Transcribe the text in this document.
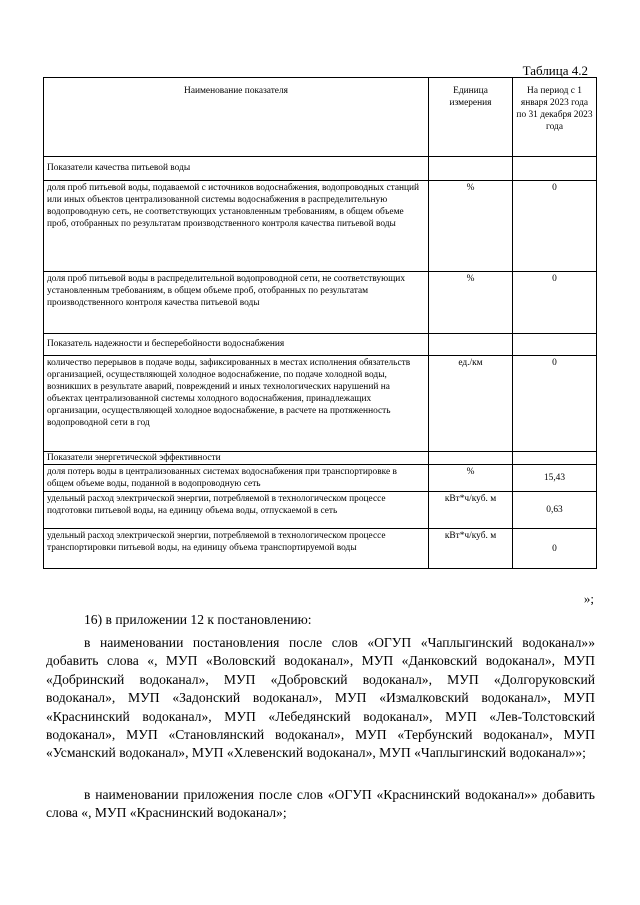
Таблица 4.2
Наименование показателя	Единица измерения	На период с 1 января 2023 года по 31 декабря 2023 года
Показатели качества питьевой воды		
доля проб питьевой воды, подаваемой с источников водоснабжения, водопроводных станций или иных объектов централизованной системы водоснабжения в распределительную водопроводную сеть, не соответствующих установленным требованиям, в общем объеме проб, отобранных по результатам производственного контроля качества питьевой воды	%	0
доля проб питьевой воды в распределительной водопроводной сети, не соответствующих установленным требованиям, в общем объеме проб, отобранных по результатам производственного контроля качества питьевой воды	%	0
Показатель надежности и бесперебойности водоснабжения		
количество перерывов в подаче воды, зафиксированных в местах исполнения обязательств организацией, осуществляющей холодное водоснабжение, по подаче холодной воды, возникших в результате аварий, повреждений и иных технологических нарушений на объектах централизованной системы холодного водоснабжения, принадлежащих организации, осуществляющей холодное водоснабжение, в расчете на протяженность водопроводной сети в год	ед./км	0
Показатели энергетической эффективности		
доля потерь воды в централизованных системах водоснабжения при транспортировке в общем объеме воды, поданной в водопроводную сеть	%	15,43
удельный расход электрической энергии, потребляемой в технологическом процессе подготовки питьевой воды, на единицу объема воды, отпускаемой в сеть	кВт*ч/куб. м	0,63
удельный расход электрической энергии, потребляемой в технологическом процессе транспортировки питьевой воды, на единицу объема транспортируемой воды	кВт*ч/куб. м	0
»;

16) в приложении 12 к постановлению:

в наименовании постановления после слов «ОГУП «Чаплыгинский водоканал»» добавить слова «, МУП «Воловский водоканал», МУП «Данковский водоканал», МУП «Добринский водоканал», МУП «Добровский водоканал», МУП «Долгоруковский водоканал», МУП «Задонский водоканал», МУП «Измалковский водоканал», МУП «Краснинский водоканал», МУП «Лебедянский водоканал», МУП «Лев-Толстовский водоканал», МУП «Становлянский водоканал», МУП «Тербунский водоканал», МУП «Усманский водоканал», МУП «Хлевенский водоканал», МУП «Чаплыгинский водоканал»»;

в наименовании приложения после слов «ОГУП «Краснинский водоканал»» добавить слова «, МУП «Краснинский водоканал»;
